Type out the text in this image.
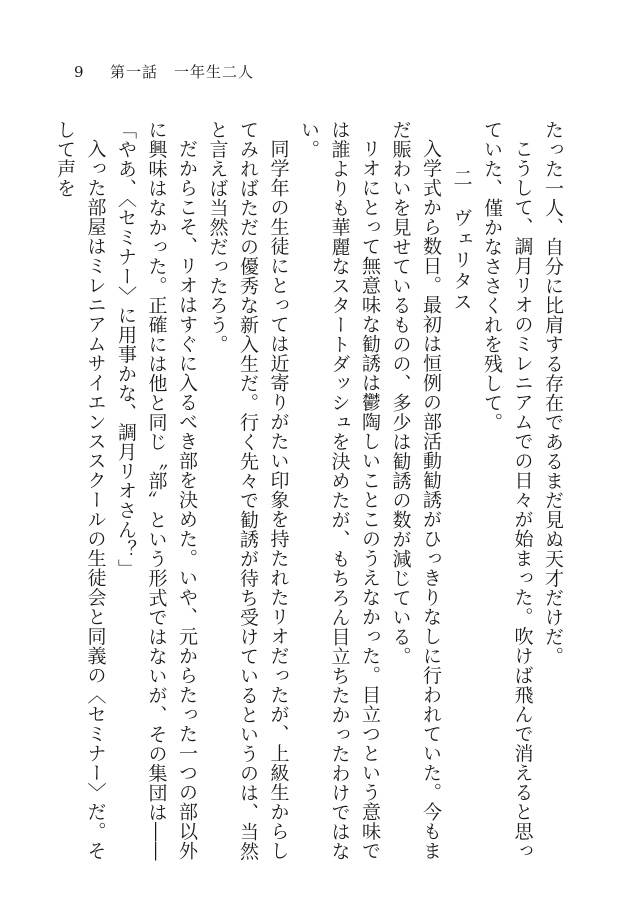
9 第一話　一年生二人

たった一人、自分に比肩する存在であるまだ見ぬ天才だけだ。

こうして、調月リオのミレニアムでの日々が始まった。吹けば飛んで消えると思っていた、僅かなささくれを残して。

二ヴェリタス

入学式から数日。最初は恒例の部活動勧誘がひっきりなしに行われていた。今もまだ賑わいを見せているものの、多少は勧誘の数が減じている。

リオにとって無意味な勧誘は鬱陶しいことこのうえなかった。目立つという意味では誰よりも華麗なスタートダッシュを決めたが、もちろん目立ちたかったわけではない。

同学年の生徒にとっては近寄りがたい印象を持たれたリオだったが、上級生からしてみればただの優秀な新入生だ。行く先々で勧誘が待ち受けているというのは、当然と言えば当然だったろう。

だからこそ、リオはすぐに入るべき部を決めた。いや、元からたった一つの部以外に興味はなかった。正確には他と同じ〝部〟という形式ではないが、その集団は――

「やあ、〈セミナー〉に用事かな、調月リオさん？」

入った部屋はミレニアムサイエンススクールの生徒会と同義の〈セミナー〉だ。そして声を
